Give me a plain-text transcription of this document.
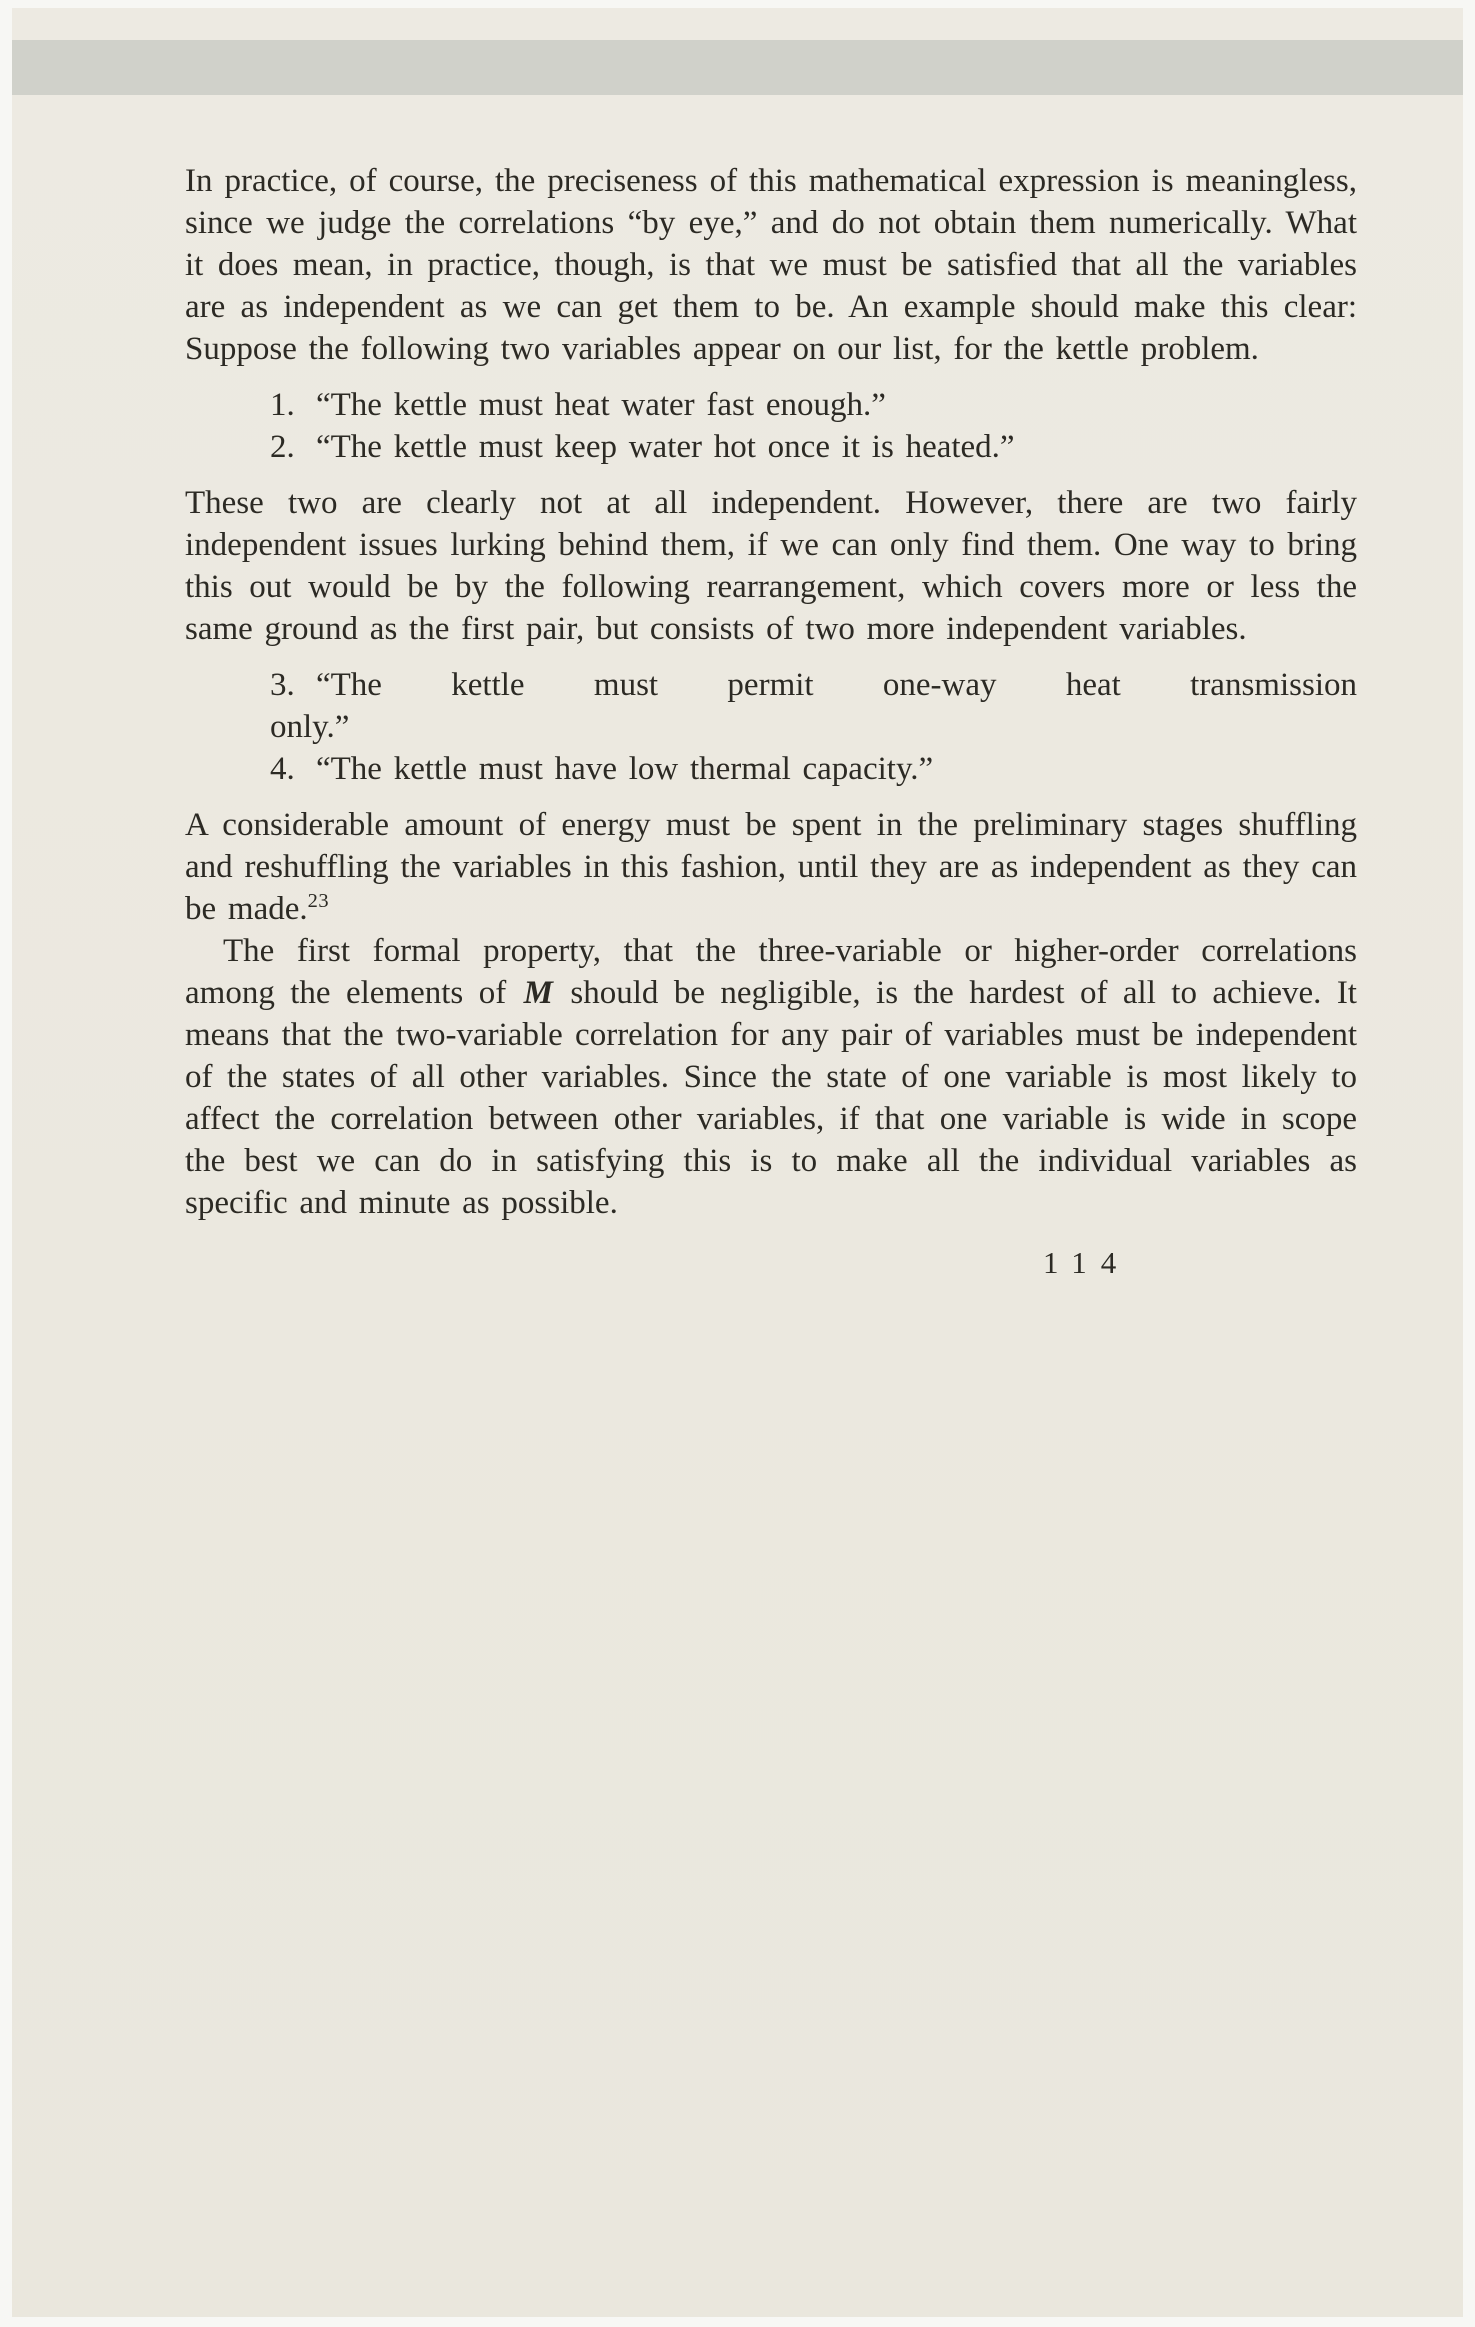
In practice, of course, the preciseness of this mathematical expression is meaningless, since we judge the correlations “by eye,” and do not obtain them numerically. What it does mean, in practice, though, is that we must be satisfied that all the variables are as independent as we can get them to be. An example should make this clear: Suppose the following two variables appear on our list, for the kettle problem.

1. “The kettle must heat water fast enough.”
2. “The kettle must keep water hot once it is heated.”

These two are clearly not at all independent. However, there are two fairly independent issues lurking behind them, if we can only find them. One way to bring this out would be by the following rearrangement, which covers more or less the same ground as the first pair, but consists of two more independent variables.

3. “The kettle must permit one-way heat transmission
only.”
4. “The kettle must have low thermal capacity.”

A considerable amount of energy must be spent in the preliminary stages shuffling and reshuffling the variables in this fashion, until they are as independent as they can be made.$^{23}$

The first formal property, that the three-variable or higher-order correlations among the elements of M should be negligible, is the hardest of all to achieve. It means that the two-variable correlation for any pair of variables must be independent of the states of all other variables. Since the state of one variable is most likely to affect the correlation between other variables, if that one variable is wide in scope the best we can do in satisfying this is to make all the individual variables as specific and minute as possible.

114
